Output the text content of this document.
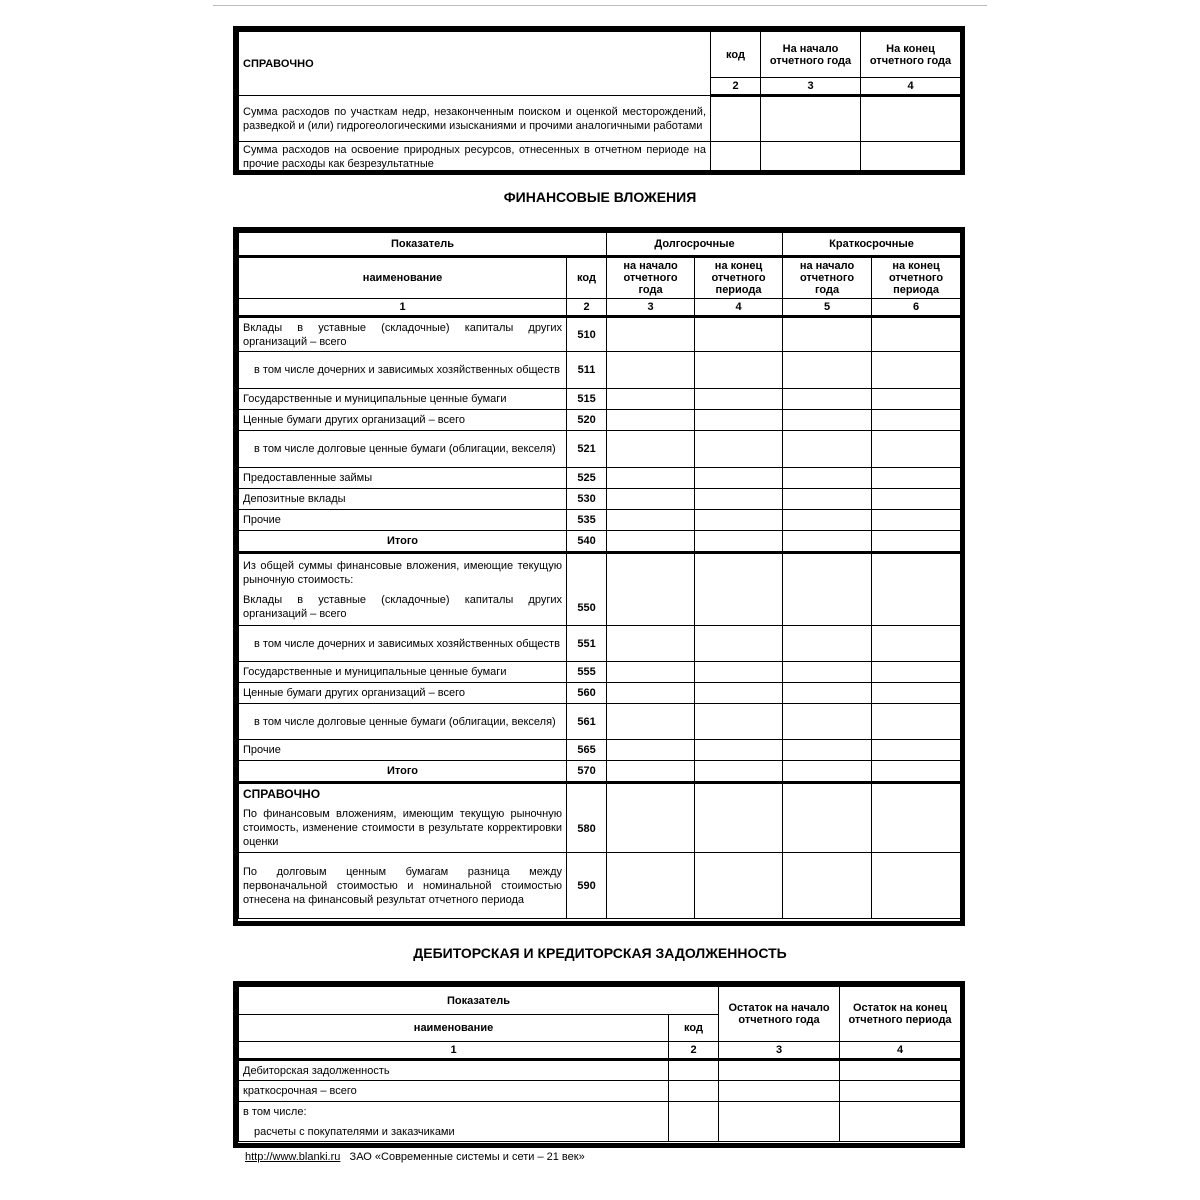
СПРАВОЧНО	код	На начало отчетного года	На конец отчетного года
	2	3	4
Сумма расходов по участкам недр, незаконченным поиском и оценкой месторождений, разведкой и (или) гидрогеологическими изысканиями и прочими аналогичными работами			
Сумма расходов на освоение природных ресурсов, отнесенных в отчетном периоде на прочие расходы как безрезультатные			
ФИНАНСОВЫЕ ВЛОЖЕНИЯ
Показатель		Долгосрочные		Краткосрочные	
наименование	код	на начало отчетного года	на конец отчетного периода	на начало отчетного года	на конец отчетного периода
1	2	3	4	5	6
Вклады в уставные (складочные) капиталы других организаций – всего	510				
в том числе дочерних и зависимых хозяйственных обществ	511				
Государственные и муниципальные ценные бумаги	515				
Ценные бумаги других организаций – всего	520				
в том числе долговые ценные бумаги (облигации, векселя)	521				
Предоставленные займы	525				
Депозитные вклады	530				
Прочие	535				
Итого	540				

Из общей суммы финансовые вложения, имеющие текущую рыночную стоимость:
Вклады в уставные (складочные) капиталы других организаций – всего	550				
в том числе дочерних и зависимых хозяйственных обществ	551				
Государственные и муниципальные ценные бумаги	555				
Ценные бумаги других организаций – всего	560				
в том числе долговые ценные бумаги (облигации, векселя)	561				
Прочие	565				
Итого	570				

СПРАВОЧНО
По финансовым вложениям, имеющим текущую рыночную стоимость, изменение стоимости в результате корректировки оценки	580				
По долговым ценным бумагам разница между первоначальной стоимостью и номинальной стоимостью отнесена на финансовый результат отчетного периода	590				
ДЕБИТОРСКАЯ И КРЕДИТОРСКАЯ ЗАДОЛЖЕННОСТЬ
Показатель		Остаток на начало отчетного года	Остаток на конец отчетного периода
наименование	код		
1	2	3	4
Дебиторская задолженность			
краткосрочная – всего			

в том числе:
расчеты с покупателями и заказчиками			

http://www.blanki.ru ЗАО «Современные системы и сети – 21 век»
